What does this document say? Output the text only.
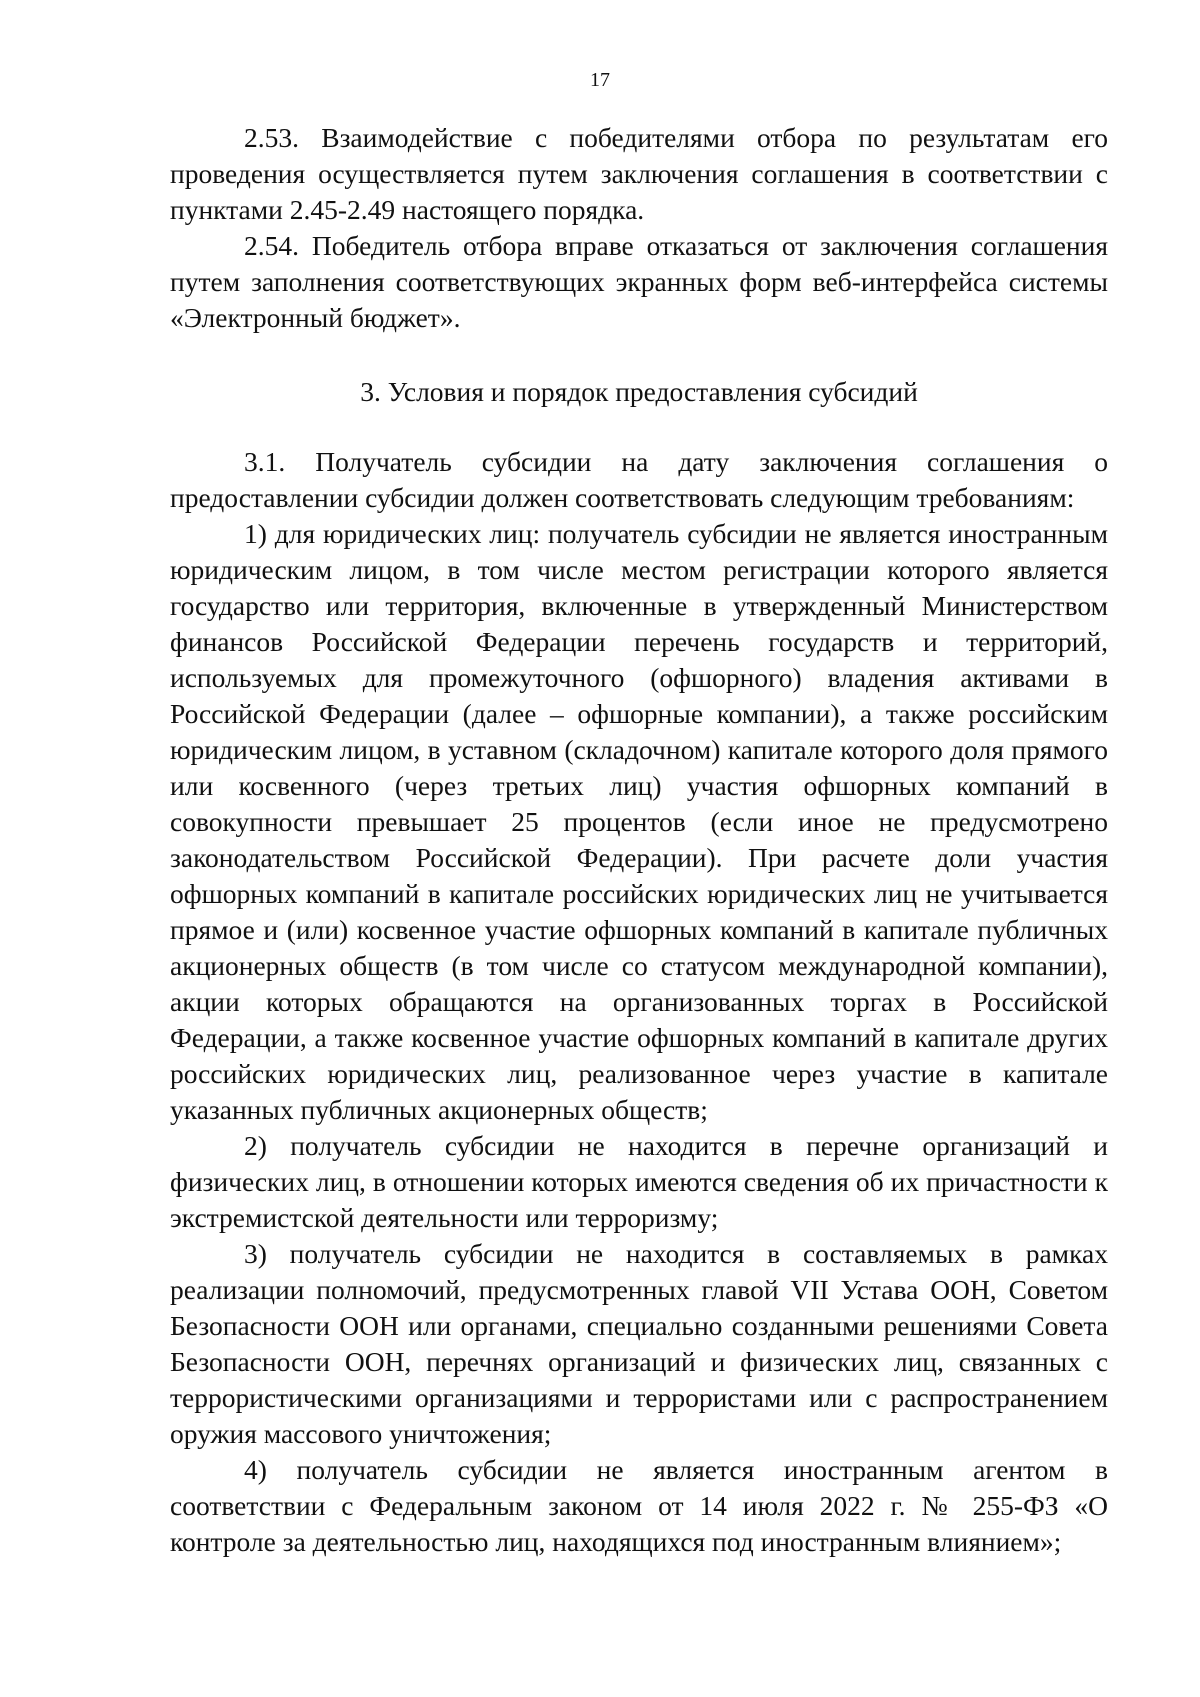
17

2.53. Взаимодействие с победителями отбора по результатам его проведения осуществляется путем заключения соглашения в соответствии с пунктами 2.45-2.49 настоящего порядка.

2.54. Победитель отбора вправе отказаться от заключения соглашения путем заполнения соответствующих экранных форм веб-интерфейса системы «Электронный бюджет».

3. Условия и порядок предоставления субсидий

3.1. Получатель субсидии на дату заключения соглашения о предоставлении субсидии должен соответствовать следующим требованиям:

1) для юридических лиц: получатель субсидии не является иностранным юридическим лицом, в том числе местом регистрации которого является государство или территория, включенные в утвержденный Министерством финансов Российской Федерации перечень государств и территорий, используемых для промежуточного (офшорного) владения активами в Российской Федерации (далее – офшорные компании), а также российским юридическим лицом, в уставном (складочном) капитале которого доля прямого или косвенного (через третьих лиц) участия офшорных компаний в совокупности превышает 25 процентов (если иное не предусмотрено законодательством Российской Федерации). При расчете доли участия офшорных компаний в капитале российских юридических лиц не учитывается прямое и (или) косвенное участие офшорных компаний в капитале публичных акционерных обществ (в том числе со статусом международной компании), акции которых обращаются на организованных торгах в Российской Федерации, а также косвенное участие офшорных компаний в капитале других российских юридических лиц, реализованное через участие в капитале указанных публичных акционерных обществ;

2) получатель субсидии не находится в перечне организаций и физических лиц, в отношении которых имеются сведения об их причастности к экстремистской деятельности или терроризму;

3) получатель субсидии не находится в составляемых в рамках реализации полномочий, предусмотренных главой VII Устава ООН, Советом Безопасности ООН или органами, специально созданными решениями Совета Безопасности ООН, перечнях организаций и физических лиц, связанных с террористическими организациями и террористами или с распространением оружия массового уничтожения;

4) получатель субсидии не является иностранным агентом в соответствии с Федеральным законом от 14 июля 2022 г. № 255-ФЗ «О контроле за деятельностью лиц, находящихся под иностранным влиянием»;
